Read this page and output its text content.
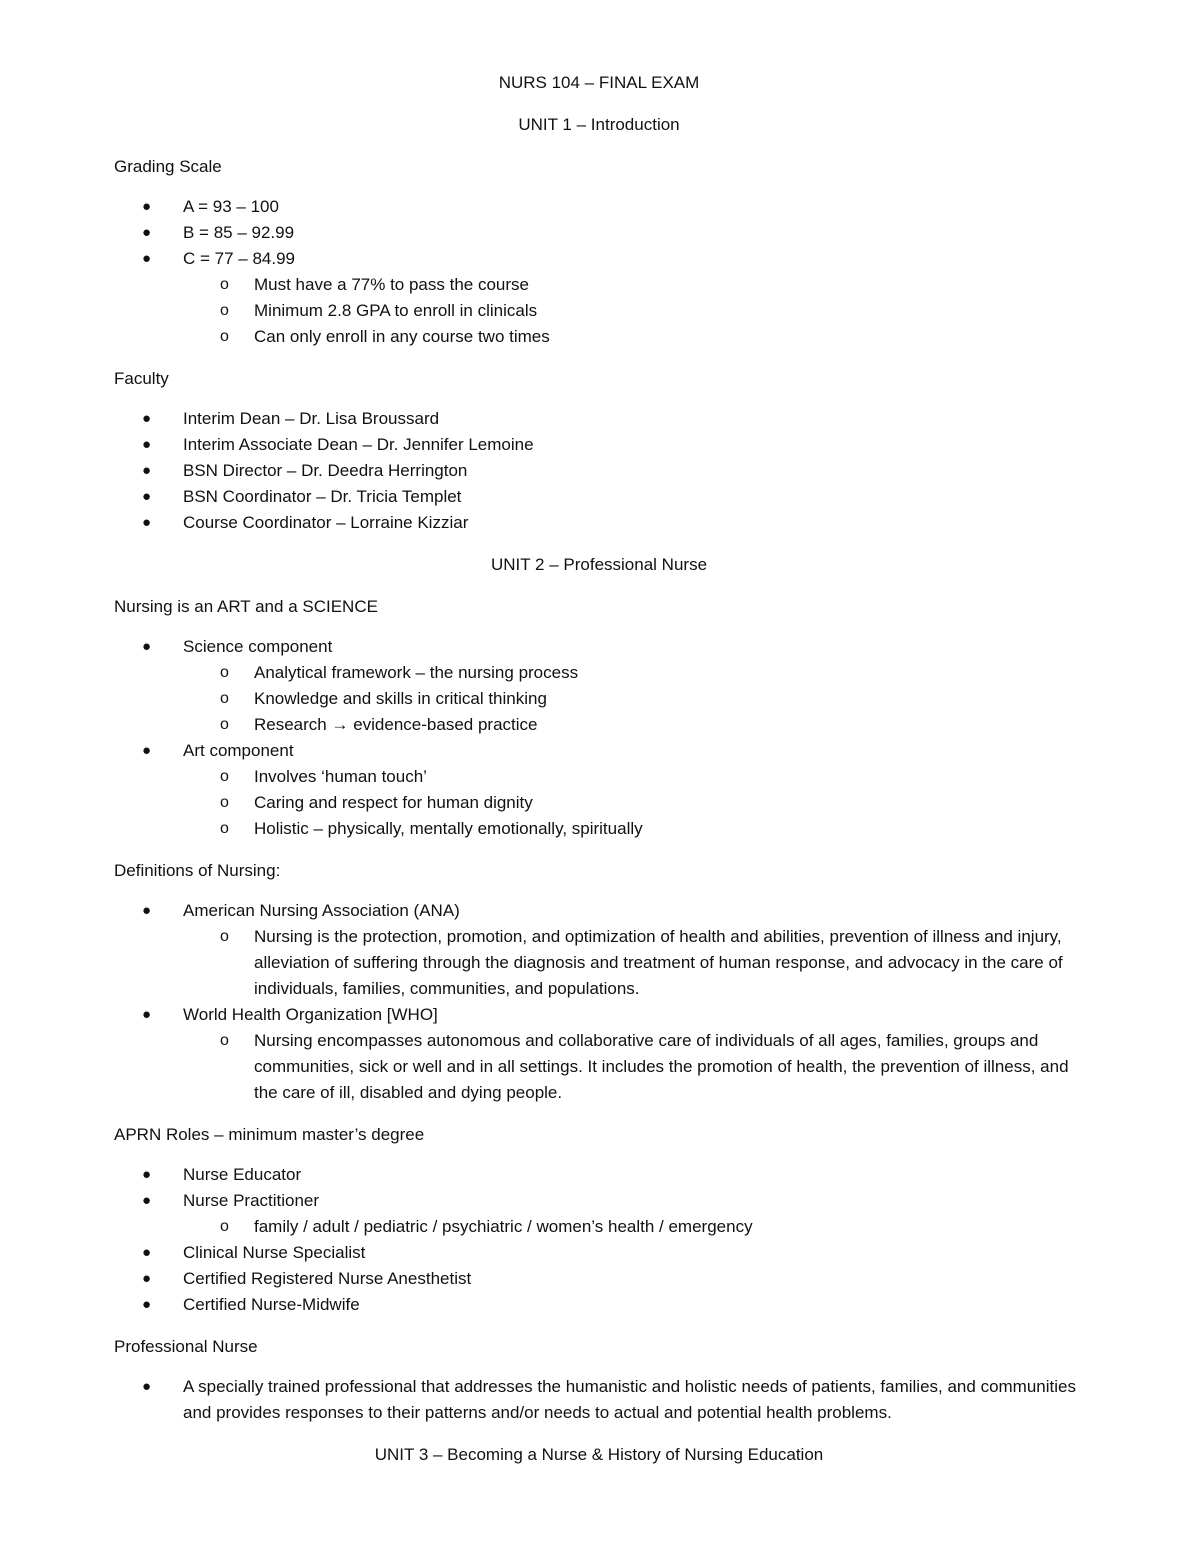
NURS 104 – FINAL EXAM
UNIT 1 – Introduction
Grading Scale
● A = 93 – 100
● B = 85 – 92.99
● C = 77 – 84.99
o Must have a 77% to pass the course
o Minimum 2.8 GPA to enroll in clinicals
o Can only enroll in any course two times
Faculty
● Interim Dean – Dr. Lisa Broussard
● Interim Associate Dean – Dr. Jennifer Lemoine
● BSN Director – Dr. Deedra Herrington
● BSN Coordinator – Dr. Tricia Templet
● Course Coordinator – Lorraine Kizziar
UNIT 2 – Professional Nurse
Nursing is an ART and a SCIENCE
● Science component
o Analytical framework – the nursing process
o Knowledge and skills in critical thinking
o Research → evidence-based practice
● Art component
o Involves ‘human touch’
o Caring and respect for human dignity
o Holistic – physically, mentally emotionally, spiritually
Definitions of Nursing:
● American Nursing Association (ANA)
o Nursing is the protection, promotion, and optimization of health and abilities, prevention of illness and injury, alleviation of suffering through the diagnosis and treatment of human response, and advocacy in the care of individuals, families, communities, and populations.
● World Health Organization [WHO]
o Nursing encompasses autonomous and collaborative care of individuals of all ages, families, groups and communities, sick or well and in all settings. It includes the promotion of health, the prevention of illness, and the care of ill, disabled and dying people.
APRN Roles – minimum master’s degree
● Nurse Educator
● Nurse Practitioner
o family / adult / pediatric / psychiatric / women’s health / emergency
● Clinical Nurse Specialist
● Certified Registered Nurse Anesthetist
● Certified Nurse-Midwife
Professional Nurse
● A specially trained professional that addresses the humanistic and holistic needs of patients, families, and communities and provides responses to their patterns and/or needs to actual and potential health problems.
UNIT 3 – Becoming a Nurse & History of Nursing Education
